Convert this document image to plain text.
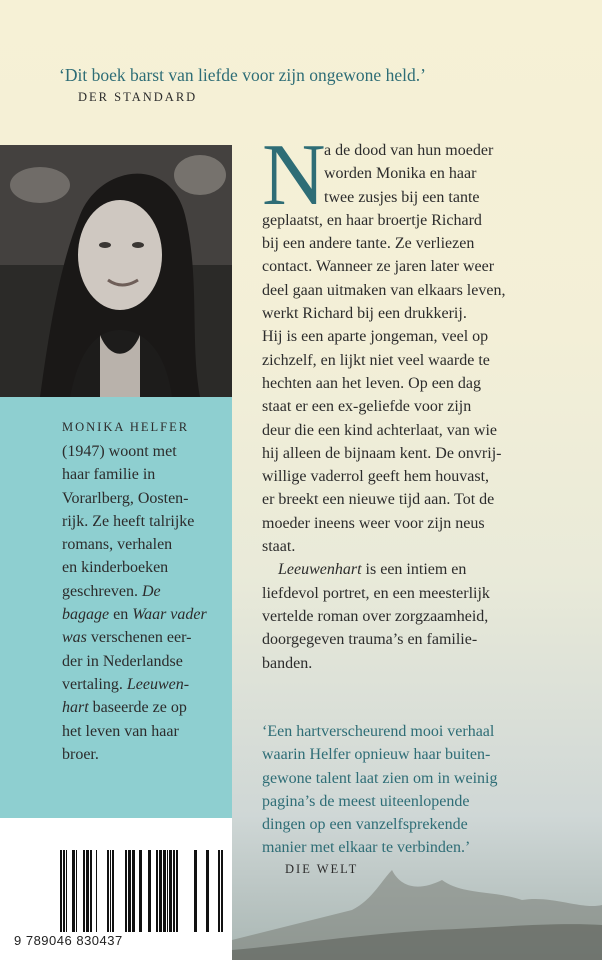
‘Dit boek barst van liefde voor zijn ongewone held.’
DER STANDARD
MONIKA HELFER
(1947) woont met
haar familie in
Vorarlberg, Oosten-
rijk. Ze heeft talrijke
romans, verhalen
en kinderboeken
geschreven. De
bagage en Waar vader
was verschenen eer-
der in Nederlandse
vertaling. Leeuwen-
hart baseerde ze op
het leven van haar
broer.
9 789046 830437
N
a de dood van hun moeder
worden Monika en haar
twee zusjes bij een tante
geplaatst, en haar broertje Richard
bij een andere tante. Ze verliezen
contact. Wanneer ze jaren later weer
deel gaan uitmaken van elkaars leven,
werkt Richard bij een drukkerij.
Hij is een aparte jongeman, veel op
zichzelf, en lijkt niet veel waarde te
hechten aan het leven. Op een dag
staat er een ex-geliefde voor zijn
deur die een kind achterlaat, van wie
hij alleen de bijnaam kent. De onvrij-
willige vaderrol geeft hem houvast,
er breekt een nieuwe tijd aan. Tot de
moeder ineens weer voor zijn neus
staat.
Leeuwenhart is een intiem en
liefdevol portret, en een meesterlijk
vertelde roman over zorgzaamheid,
doorgegeven trauma’s en familie-
banden.
‘Een hartverscheurend mooi verhaal
waarin Helfer opnieuw haar buiten-
gewone talent laat zien om in weinig
pagina’s de meest uiteenlopende
dingen op een vanzelfsprekende
manier met elkaar te verbinden.’
DIE WELT
